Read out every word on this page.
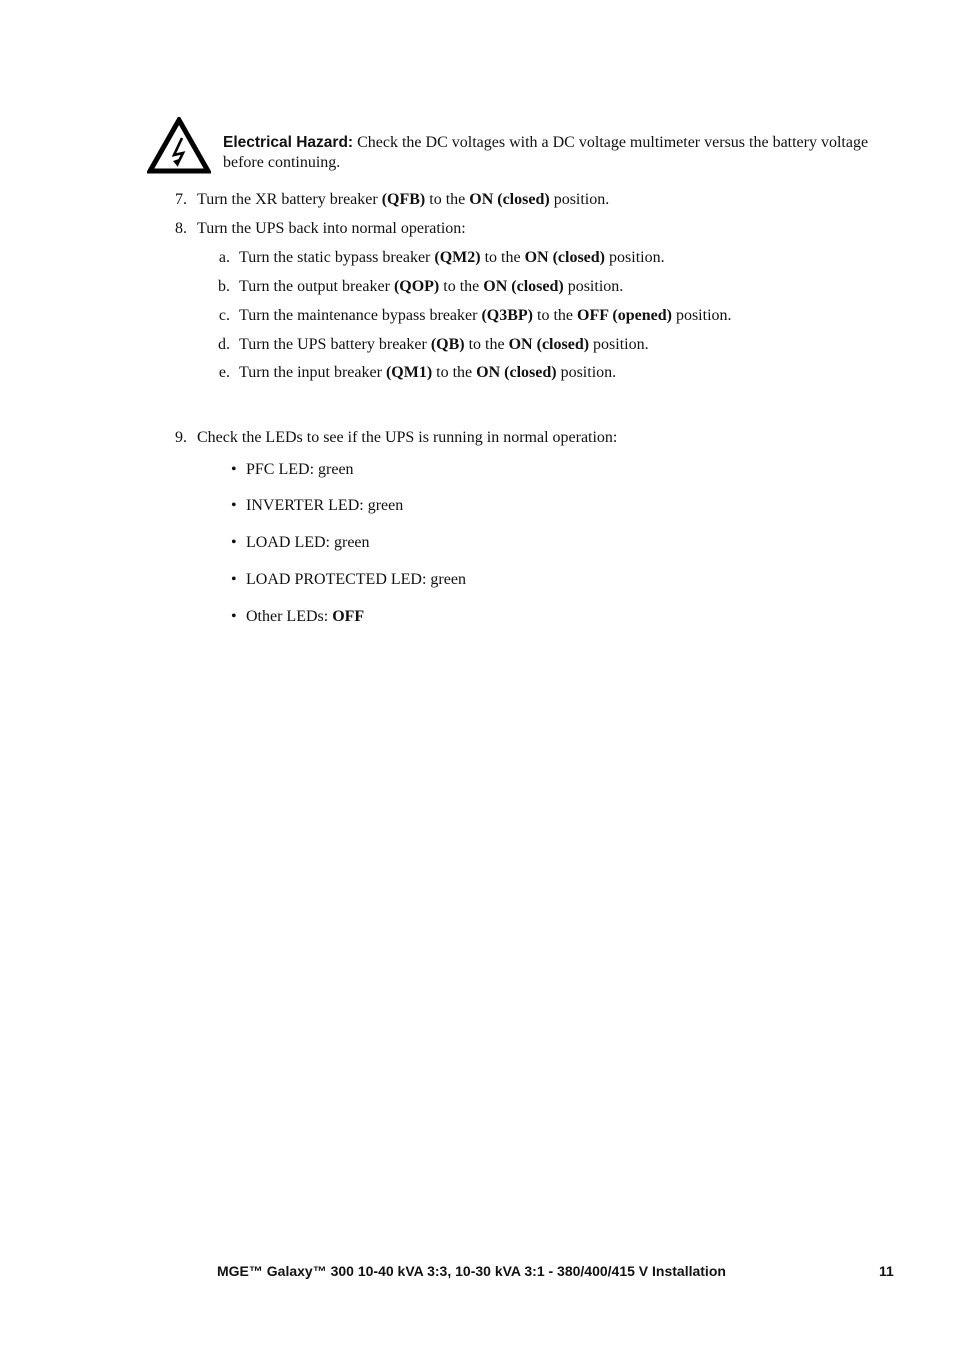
Electrical Hazard: Check the DC voltages with a DC voltage multimeter versus the battery voltage before continuing.
7. Turn the XR battery breaker (QFB) to the ON (closed) position.
8. Turn the UPS back into normal operation:
a. Turn the static bypass breaker (QM2) to the ON (closed) position.
b. Turn the output breaker (QOP) to the ON (closed) position.
c. Turn the maintenance bypass breaker (Q3BP) to the OFF (opened) position.
d. Turn the UPS battery breaker (QB) to the ON (closed) position.
e. Turn the input breaker (QM1) to the ON (closed) position.
9. Check the LEDs to see if the UPS is running in normal operation:
• PFC LED: green
• INVERTER LED: green
• LOAD LED: green
• LOAD PROTECTED LED: green
• Other LEDs: OFF
MGE™ Galaxy™ 300 10-40 kVA 3:3, 10-30 kVA 3:1 - 380/400/415 V Installation	11
